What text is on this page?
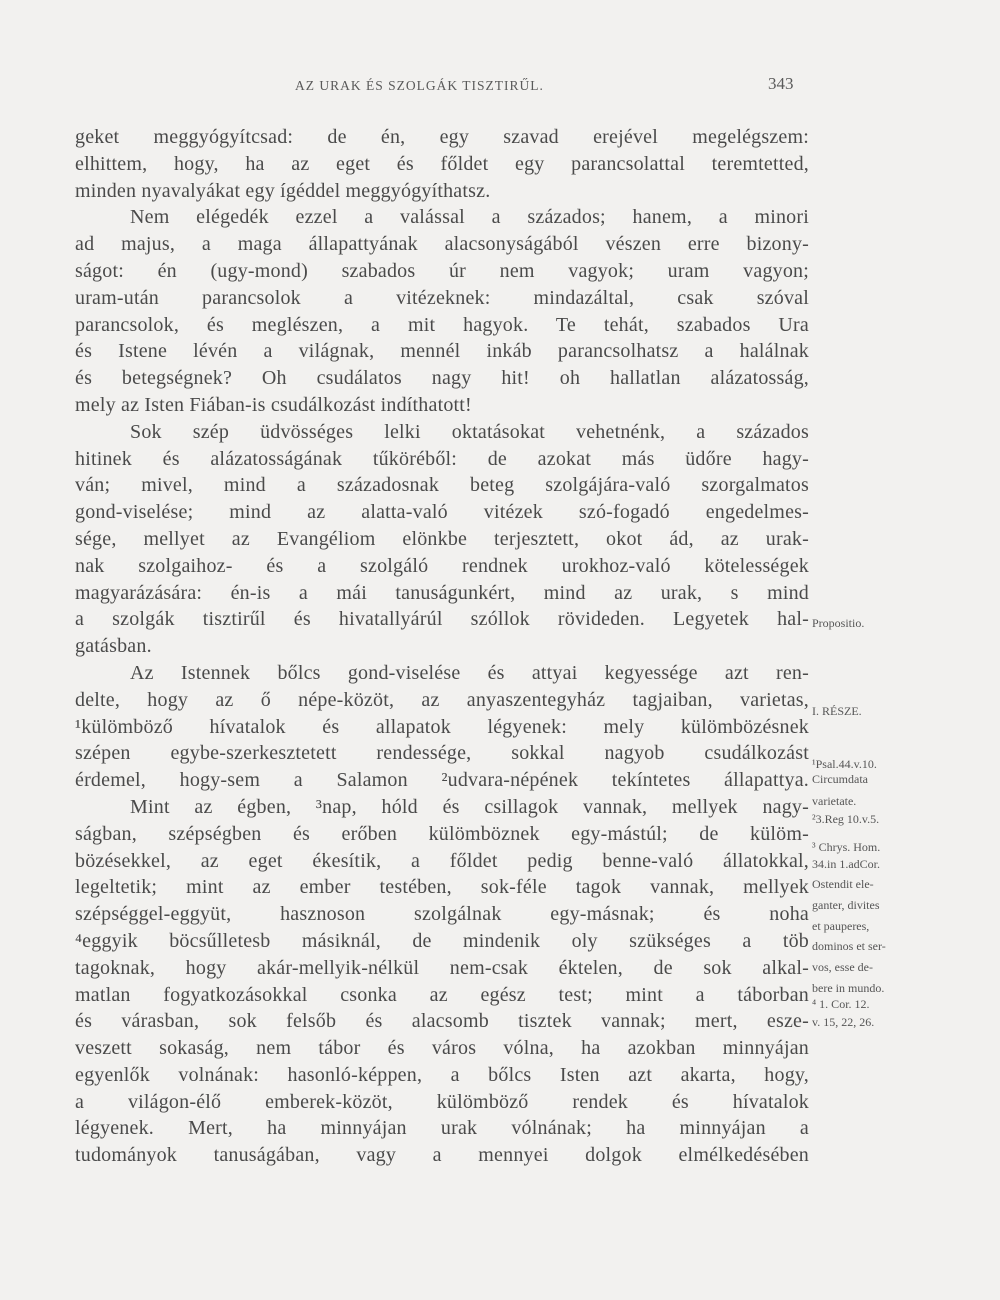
AZ URAK ÉS SZOLGÁK TISZTIRŰL.	343
geket meggyógyítcsad: de én, egy szavad erejével megelégszem:
elhittem, hogy, ha az eget és főldet egy parancsolattal teremtetted,
minden nyavalyákat egy ígéddel meggyógyíthatsz.
Nem elégedék ezzel a valással a százados; hanem, a minori
ad majus, a maga állapattyának alacsonyságából vészen erre bizony-
ságot: én (ugy-mond) szabados úr nem vagyok; uram vagyon;
uram-után parancsolok a vitézeknek: mindazáltal, csak szóval
parancsolok, és meglészen, a mit hagyok. Te tehát, szabados Ura
és Istene lévén a világnak, mennél inkáb parancsolhatsz a halálnak
és betegségnek? Oh csudálatos nagy hit! oh hallatlan alázatosság,
mely az Isten Fiában-is csudálkozást indíthatott!
Sok szép üdvösséges lelki oktatásokat vehetnénk, a százados
hitinek és alázatosságának tűköréből: de azokat más üdőre hagy-
ván; mivel, mind a századosnak beteg szolgájára-való szorgalmatos
gond-viselése; mind az alatta-való vitézek szó-fogadó engedelmes-
sége, mellyet az Evangéliom elönkbe terjesztett, okot ád, az urak-
nak szolgaihoz- és a szolgáló rendnek urokhoz-való kötelességek
magyarázására: én-is a mái tanuságunkért, mind az urak, s mind
a szolgák tisztirűl és hivatallyárúl szóllok rövideden. Legyetek hal-
gatásban.
Az Istennek bőlcs gond-viselése és attyai kegyessége azt ren-
delte, hogy az ő népe-közöt, az anyaszentegyház tagjaiban, varietas,
¹külömböző hívatalok és allapatok légyenek: mely külömbözésnek
szépen egybe-szerkesztetett rendessége, sokkal nagyob csudálkozást
érdemel, hogy-sem a Salamon ²udvara-népének tekíntetes állapattya.
Mint az égben, ³nap, hóld és csillagok vannak, mellyek nagy-
ságban, szépségben és erőben külömböznek egy-mástúl; de külöm-
bözésekkel, az eget ékesítik, a főldet pedig benne-való állatokkal,
legeltetik; mint az ember testében, sok-féle tagok vannak, mellyek
szépséggel-eggyüt, hasznoson szolgálnak egy-másnak; és noha
⁴eggyik böcsűlletesb másiknál, de mindenik oly szükséges a töb
tagoknak, hogy akár-mellyik-nélkül nem-csak éktelen, de sok alkal-
matlan fogyatkozásokkal csonka az egész test; mint a táborban
és várasban, sok felsőb és alacsomb tisztek vannak; mert, esze-
veszett sokaság, nem tábor és város vólna, ha azokban minnyájan
egyenlők volnának: hasonló-képpen, a bőlcs Isten azt akarta, hogy,
a világon-élő emberek-közöt, külömböző rendek és hívatalok
légyenek. Mert, ha minnyájan urak vólnának; ha minnyájan a
tudományok tanuságában, vagy a mennyei dolgok elmélkedésében
Propositio.
I. RÉSZE.
¹Psal.44.v.10.
Circumdata
varietate.
²3.Reg 10.v.5.
³ Chrys. Hom.
34.in 1.adCor.
Ostendit ele-
ganter, divites
et pauperes,
dominos et ser-
vos, esse de-
bere in mundo.
⁴ 1. Cor. 12.
v. 15, 22, 26.
